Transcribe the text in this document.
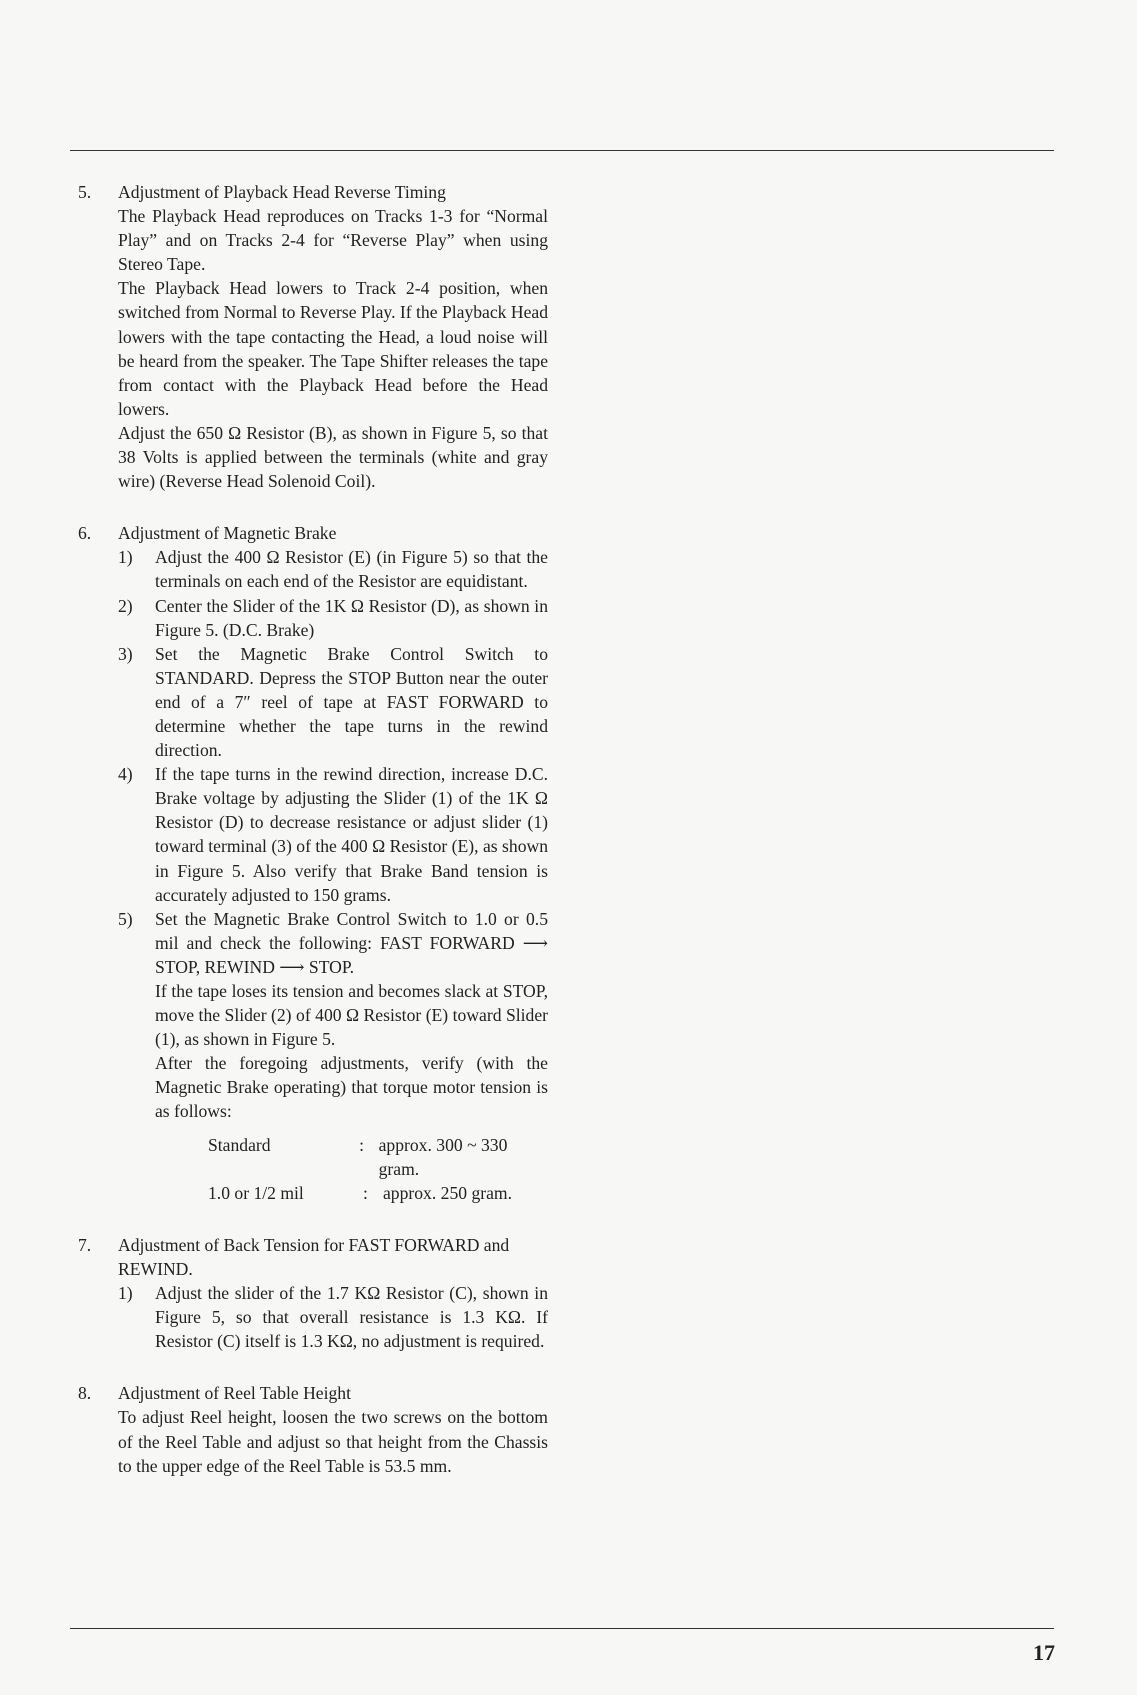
5. Adjustment of Playback Head Reverse Timing

The Playback Head reproduces on Tracks 1-3 for “Normal Play” and on Tracks 2-4 for “Reverse Play” when using Stereo Tape.

The Playback Head lowers to Track 2-4 position, when switched from Normal to Reverse Play. If the Playback Head lowers with the tape contacting the Head, a loud noise will be heard from the speaker. The Tape Shifter releases the tape from contact with the Playback Head before the Head lowers.

Adjust the 650 Ω Resistor (B), as shown in Figure 5, so that 38 Volts is applied between the terminals (white and gray wire) (Reverse Head Solenoid Coil).

6. Adjustment of Magnetic Brake
1) Adjust the 400 Ω Resistor (E) (in Figure 5) so that the terminals on each end of the Resistor are equidistant.
2) Center the Slider of the 1K Ω Resistor (D), as shown in Figure 5. (D.C. Brake)
3) Set the Magnetic Brake Control Switch to STANDARD. Depress the STOP Button near the outer end of a 7″ reel of tape at FAST FORWARD to determine whether the tape turns in the rewind direction.
4) If the tape turns in the rewind direction, increase D.C. Brake voltage by adjusting the Slider (1) of the 1K Ω Resistor (D) to decrease resistance or adjust slider (1) toward terminal (3) of the 400 Ω Resistor (E), as shown in Figure 5. Also verify that Brake Band tension is accurately adjusted to 150 grams.
5) Set the Magnetic Brake Control Switch to 1.0 or 0.5 mil and check the following: FAST FORWARD ⟶ STOP, REWIND ⟶ STOP.
If the tape loses its tension and becomes slack at STOP, move the Slider (2) of 400 Ω Resistor (E) toward Slider (1), as shown in Figure 5.
After the foregoing adjustments, verify (with the Magnetic Brake operating) that torque motor tension is as follows:
Standard	: approx. 300 ~ 330 gram.
1.0 or 1/2 mil	: approx. 250 gram.
7. Adjustment of Back Tension for FAST FORWARD and REWIND.
1) Adjust the slider of the 1.7 KΩ Resistor (C), shown in Figure 5, so that overall resistance is 1.3 KΩ. If Resistor (C) itself is 1.3 KΩ, no adjustment is required.
8. Adjustment of Reel Table Height

To adjust Reel height, loosen the two screws on the bottom of the Reel Table and adjust so that height from the Chassis to the upper edge of the Reel Table is 53.5 mm.

17
